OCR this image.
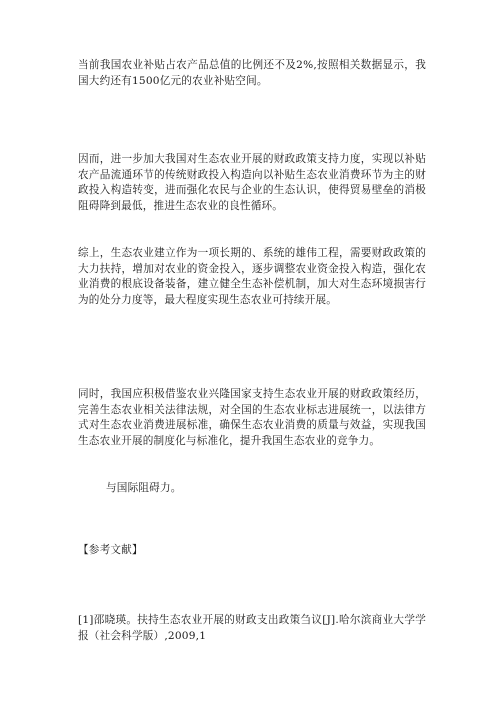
当前我国农业补贴占农产品总值的比例还不及2%,按照相关数据显示，我国大约还有1500亿元的农业补贴空间。

因而，进一步加大我国对生态农业开展的财政政策支持力度，实现以补贴农产品流通环节的传统财政投入构造向以补贴生态农业消费环节为主的财政投入构造转变，进而强化农民与企业的生态认识，使得贸易壁垒的消极阻碍降到最低，推进生态农业的良性循环。

综上，生态农业建立作为一项长期的、系统的雄伟工程，需要财政政策的大力扶持，增加对农业的资金投入，逐步调整农业资金投入构造，强化农业消费的根底设备装备，建立健全生态补偿机制，加大对生态环境损害行为的处分力度等，最大程度实现生态农业可持续开展。

同时，我国应积极借鉴农业兴隆国家支持生态农业开展的财政政策经历，完善生态农业相关法律法规，对全国的生态农业标志进展统一，以法律方式对生态农业消费进展标准，确保生态农业消费的质量与效益，实现我国生态农业开展的制度化与标准化，提升我国生态农业的竞争力。

与国际阻碍力。

【参考文献】

[1]邵晓瑛。扶持生态农业开展的财政支出政策刍议[J].哈尔滨商业大学学报（社会科学版）,2009,1
